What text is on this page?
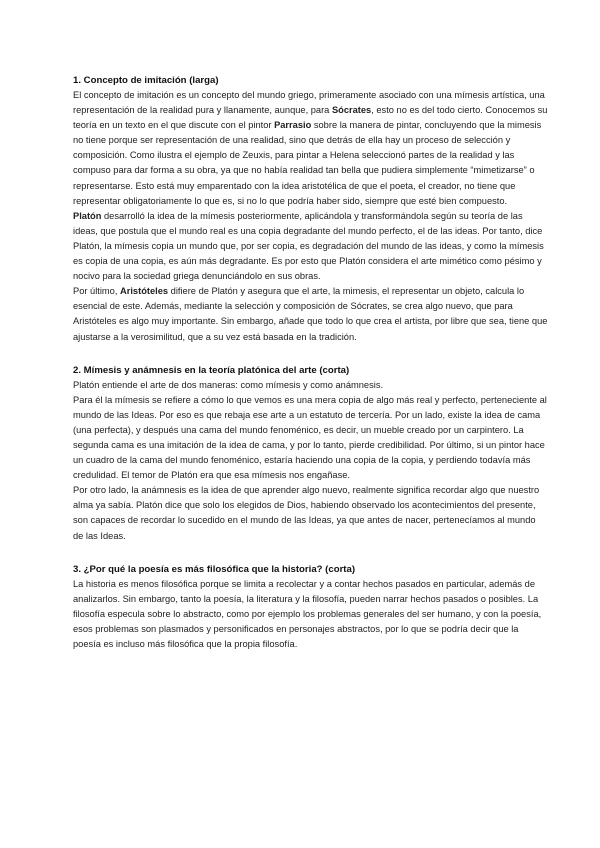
1. Concepto de imitación (larga)

El concepto de imitación es un concepto del mundo griego, primeramente asociado con una mímesis artística, una representación de la realidad pura y llanamente, aunque, para Sócrates, esto no es del todo cierto. Conocemos su teoría en un texto en el que discute con el pintor Parrasio sobre la manera de pintar, concluyendo que la mimesis no tiene porque ser representación de una realidad, sino que detrás de ella hay un proceso de selección y composición. Como ilustra el ejemplo de Zeuxis, para pintar a Helena seleccionó partes de la realidad y las compuso para dar forma a su obra, ya que no había realidad tan bella que pudiera simplemente “mimetizarse” o representarse. Esto está muy emparentado con la idea aristotélica de que el poeta, el creador, no tiene que representar obligatoriamente lo que es, si no lo que podría haber sido, siempre que esté bien compuesto.

Platón desarrolló la idea de la mímesis posteriormente, aplicándola y transformándola según su teoría de las ideas, que postula que el mundo real es una copia degradante del mundo perfecto, el de las ideas. Por tanto, dice Platón, la mímesis copia un mundo que, por ser copia, es degradación del mundo de las ideas, y como la mímesis es copia de una copia, es aún más degradante. Es por esto que Platón considera el arte mimético como pésimo y nocivo para la sociedad griega denunciándolo en sus obras.

Por último, Aristóteles difiere de Platón y asegura que el arte, la mimesis, el representar un objeto, calcula lo esencial de este. Además, mediante la selección y composición de Sócrates, se crea algo nuevo, que para Aristóteles es algo muy importante. Sin embargo, añade que todo lo que crea el artista, por libre que sea, tiene que ajustarse a la verosimilitud, que a su vez está basada en la tradición.

2. Mímesis y anámnesis en la teoría platónica del arte (corta)

Platón entiende el arte de dos maneras: como mímesis y como anámnesis.

Para él la mímesis se refiere a cómo lo que vemos es una mera copia de algo más real y perfecto, perteneciente al mundo de las Ideas. Por eso es que rebaja ese arte a un estatuto de tercería. Por un lado, existe la idea de cama (una perfecta), y después una cama del mundo fenoménico, es decir, un mueble creado por un carpintero. La segunda cama es una imitación de la idea de cama, y por lo tanto, pierde credibilidad. Por último, si un pintor hace un cuadro de la cama del mundo fenoménico, estaría haciendo una copia de la copia, y perdiendo todavía más credulidad. El temor de Platón era que esa mímesis nos engañase.

Por otro lado, la anámnesis es la idea de que aprender algo nuevo, realmente significa recordar algo que nuestro alma ya sabía. Platón dice que solo los elegidos de Dios, habiendo observado los acontecimientos del presente, son capaces de recordar lo sucedido en el mundo de las Ideas, ya que antes de nacer, pertenecíamos al mundo de las Ideas.

3. ¿Por qué la poesía es más filosófica que la historia? (corta)

La historia es menos filosófica porque se limita a recolectar y a contar hechos pasados en particular, además de analizarlos. Sin embargo, tanto la poesía, la literatura y la filosofía, pueden narrar hechos pasados o posibles. La filosofía especula sobre lo abstracto, como por ejemplo los problemas generales del ser humano, y con la poesía, esos problemas son plasmados y personificados en personajes abstractos, por lo que se podría decir que la poesía es incluso más filosófica que la propia filosofía.
